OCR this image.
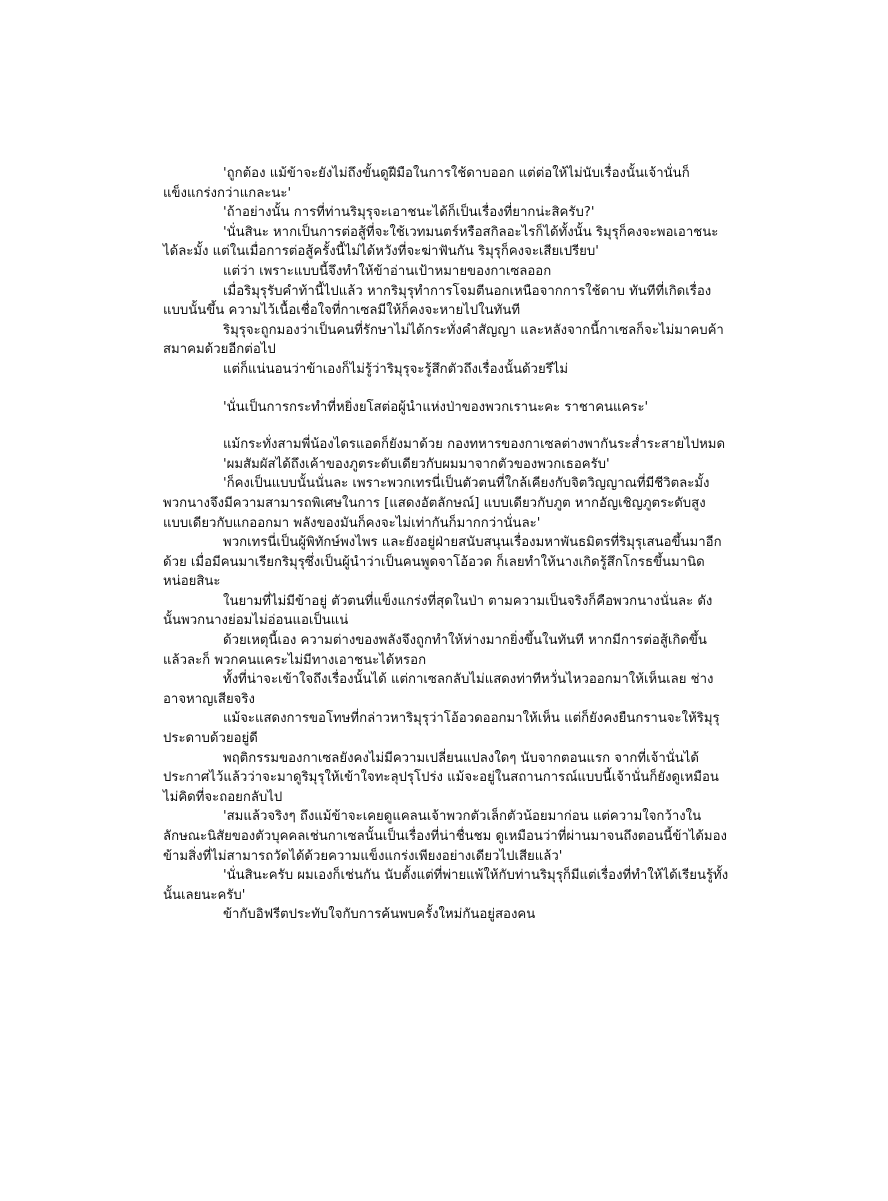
'ถูกต้อง แม้ข้าจะยังไม่ถึงขั้นดูฝีมือในการใช้ดาบออก แต่ต่อให้ไม่นับเรื่องนั้นเจ้านั่นก็แข็งแกร่งกว่าแกละนะ'

'ถ้าอย่างนั้น การที่ท่านริมุรุจะเอาชนะได้ก็เป็นเรื่องที่ยากน่ะสิครับ?'

'นั่นสินะ หากเป็นการต่อสู้ที่จะใช้เวทมนตร์หรือสกิลอะไรก็ได้ทั้งนั้น ริมุรุก็คงจะพอเอาชนะได้ละมั้ง แต่ในเมื่อการต่อสู้ครั้งนี้ไม่ได้หวังที่จะฆ่าฟันกัน ริมุรุก็คงจะเสียเปรียบ'

แต่ว่า เพราะแบบนี้จึงทำให้ข้าอ่านเป้าหมายของกาเซลออก

เมื่อริมุรุรับคำท้านี้ไปแล้ว หากริมุรุทำการโจมตีนอกเหนือจากการใช้ดาบ ทันทีที่เกิดเรื่องแบบนั้นขึ้น ความไว้เนื้อเชื่อใจที่กาเซลมีให้ก็คงจะหายไปในทันที

ริมุรุจะถูกมองว่าเป็นคนที่รักษาไม่ได้กระทั่งคำสัญญา และหลังจากนี้กาเซลก็จะไม่มาคบค้าสมาคมด้วยอีกต่อไป

แต่ก็แน่นอนว่าข้าเองก็ไม่รู้ว่าริมุรุจะรู้สึกตัวถึงเรื่องนั้นด้วยรึไม่

'นั่นเป็นการกระทำที่หยิ่งยโสต่อผู้นำแห่งป่าของพวกเรานะคะ ราชาคนแคระ'

แม้กระทั่งสามพี่น้องไดรแอดก็ยังมาด้วย กองทหารของกาเซลต่างพากันระส่ำระสายไปหมด

'ผมสัมผัสได้ถึงเค้าของภูตระดับเดียวกับผมมาจากตัวของพวกเธอครับ'

'ก็คงเป็นแบบนั้นนั่นละ เพราะพวกเทรนี่เป็นตัวตนที่ใกล้เคียงกับจิตวิญญาณที่มีชีวิตละมั้ง พวกนางจึงมีความสามารถพิเศษในการ [แสดงอัตลักษณ์] แบบเดียวกับภูต หากอัญเชิญภูตระดับสูงแบบเดียวกับแกออกมา พลังของมันก็คงจะไม่เท่ากันก็มากกว่านั่นละ'

พวกเทรนี่เป็นผู้พิทักษ์พงไพร และยังอยู่ฝ่ายสนับสนุนเรื่องมหาพันธมิตรที่ริมุรุเสนอขึ้นมาอีกด้วย เมื่อมีคนมาเรียกริมุรุซึ่งเป็นผู้นำว่าเป็นคนพูดจาโอ้อวด ก็เลยทำให้นางเกิดรู้สึกโกรธขึ้นมานิดหน่อยสินะ

ในยามที่ไม่มีข้าอยู่ ตัวตนที่แข็งแกร่งที่สุดในป่า ตามความเป็นจริงก็คือพวกนางนั่นละ ดังนั้นพวกนางย่อมไม่อ่อนแอเป็นแน่

ด้วยเหตุนี้เอง ความต่างของพลังจึงถูกทำให้ห่างมากยิ่งขึ้นในทันที หากมีการต่อสู้เกิดขึ้นแล้วละก็ พวกคนแคระไม่มีทางเอาชนะได้หรอก

ทั้งที่น่าจะเข้าใจถึงเรื่องนั้นได้ แต่กาเซลกลับไม่แสดงท่าทีหวั่นไหวออกมาให้เห็นเลย ช่างอาจหาญเสียจริง

แม้จะแสดงการขอโทษที่กล่าวหาริมุรุว่าโอ้อวดออกมาให้เห็น แต่ก็ยังคงยืนกรานจะให้ริมุรุประดาบด้วยอยู่ดี

พฤติกรรมของกาเซลยังคงไม่มีความเปลี่ยนแปลงใดๆ นับจากตอนแรก จากที่เจ้านั่นได้ประกาศไว้แล้วว่าจะมาดูริมุรุให้เข้าใจทะลุปรุโปร่ง แม้จะอยู่ในสถานการณ์แบบนี้เจ้านั่นก็ยังดูเหมือนไม่คิดที่จะถอยกลับไป

'สมแล้วจริงๆ ถึงแม้ข้าจะเคยดูแคลนเจ้าพวกตัวเล็กตัวน้อยมาก่อน แต่ความใจกว้างในลักษณะนิสัยของตัวบุคคลเช่นกาเซลนั้นเป็นเรื่องที่น่าชื่นชม ดูเหมือนว่าที่ผ่านมาจนถึงตอนนี้ข้าได้มองข้ามสิ่งที่ไม่สามารถวัดได้ด้วยความแข็งแกร่งเพียงอย่างเดียวไปเสียแล้ว'

'นั่นสินะครับ ผมเองก็เช่นกัน นับตั้งแต่ที่พ่ายแพ้ให้กับท่านริมุรุก็มีแต่เรื่องที่ทำให้ได้เรียนรู้ทั้งนั้นเลยนะครับ'

ข้ากับอิฟรีตประทับใจกับการค้นพบครั้งใหม่กันอยู่สองคน
